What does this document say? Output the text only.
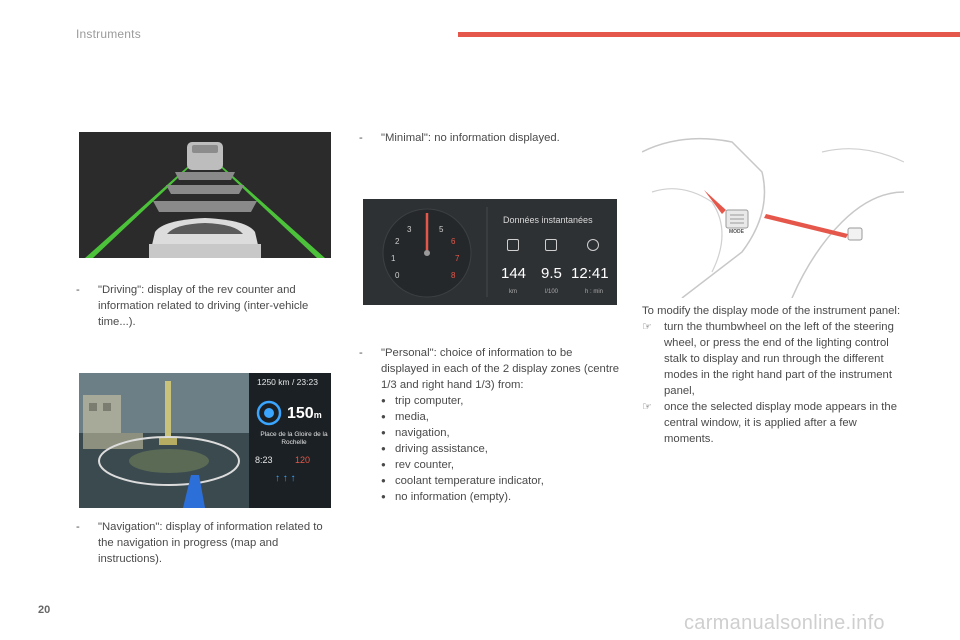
Instruments
- "Driving": display of the rev counter and information related to driving (inter-vehicle time...).
1250 km / 23:23
150m
Place de la Gloire de la Rochelle
8:23 120
↑ ↑ ↑
- "Navigation": display of information related to the navigation in progress (map and instructions).
- "Minimal": no information displayed.
0
1
2
3	5
6
7
8
Données instantanées
144 9.5 12:41
km	l/100	h : min
- "Personal": choice of information to be displayed in each of the 2 display zones (centre 1/3 and right hand 1/3) from:
● trip computer,
● media,
● navigation,
● driving assistance,
● rev counter,
● coolant temperature indicator,
● no information (empty).
MODE
To modify the display mode of the instrument panel:
☞ turn the thumbwheel on the left of the steering wheel, or press the end of the lighting control stalk to display and run through the different modes in the right hand part of the instrument panel,
☞ once the selected display mode appears in the central window, it is applied after a few moments.
20
carmanualsonline.info
